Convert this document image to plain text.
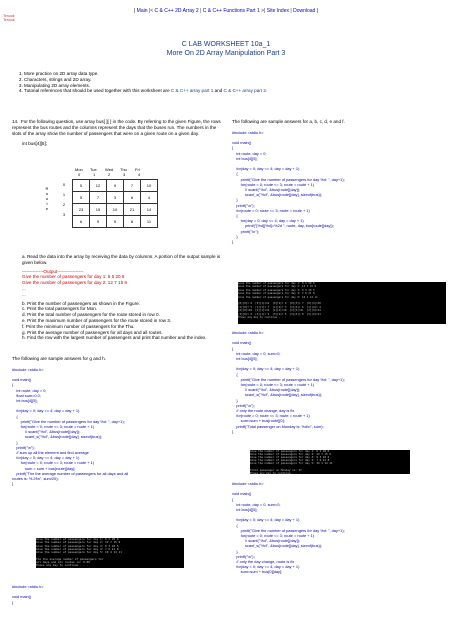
| Main |< C & C++ 2D Array 2 | C & C++ Functions Part 1 >| Site Index | Download |
Tenouk
Tenouk
C LAB WORKSHEET 10a_1
More On 2D Array Manipulation Part 3
1. More practice on 2D array data type.
2. Characters, strings and 2D array.
3. Manipulating 2D array elements.
4. Tutorial references that should be used together with this worksheet are C & C++ array part 1 and C & C++ array part 2.

14. For the following question, use array bus[ ][ ] in the code. By referring to the given Figure, the rows represent the bus routes and the columns represent the days that the buses run. The numbers in the slots of the array show the number of passengers that were on a given route on a given day.

int bus[4][5];

Mon Tue Wed Thu Fri
0	1	2	3	4
R
o
u
t
e
0
1
2
3
5	12	9	7	10
5	7	3	6	4
23	15	10	21	14
6	9	5	8	11

a. Read the data into the array by receiving the data by columns. A portion of the output sample is given below.

--------------Output-----------------

Give the number of passengers for day 1: 6 5 20 6

Give the number of passengers for day 2: 12 7 15 9

...

...

b. Print the number of passengers as shown in the Figure.

c. Print the total passengers for Mon.

d. Print the total number of passengers for the route stored in row 0.

e. Print the maximum number of passengers for the route stored in row 3.

f. Print the minimum number of passengers for the Thu.

g. Print the average number of passengers for all days and all routes.

h. Find the row with the largest number of passengers and print that number and the index.

The following are sample answers for g and h.

#include <stdio.h>

void main()
{
int route, day = 0;
float sum=0.0;
int bus[4][5];

for(day = 0; day <= 4; day = day + 1)
{
printf("Give the number of passengers for day %d: ", day+1);
for(route = 0; route <= 3; route = route + 1)
// scanf("%d", &bus[route][day]);
scanf_s("%d", &bus[route][day], sizeof(bus));
}
printf("\n");
// sum up all the element and find average
for(day = 0; day <= 4; day = day + 1)
for(route = 0; route <= 3; route = route + 1)
sum = sum + bus[route][day];
printf("The the average number of passengers for all days and all
routes is: %.2f\n", sum/20);
}
Give the number of passengers for day 1: 6 5 20 6
Give the number of passengers for day 2: 12 7 15 9
Give the number of passengers for day 3: 9 3 10 5
Give the number of passengers for day 4: 7 6 21 8
Give the number of passengers for day 5: 10 4 14 11

The the average number of passengers for
all days and all routes is: 9.80
Press any key to continue . . .
#include <stdio.h>

void main()
{

The following are sample answers for a, b, c, d, e and f.

#include <stdio.h>

void main()
{
int route, day = 0;
int bus[4][5];

for(day = 0; day <= 4; day = day + 1)
{
printf("Give the number of passengers for day %d: ", day+1);
for(route = 0; route <= 3; route = route + 1)
// scanf("%d", &bus[route][day]);
scanf_s("%d", &bus[route][day], sizeof(bus));
}
printf("\n");
for(route = 0; route <= 3; route = route + 1)
{
for(day = 0; day <= 4; day = day + 1)
printf("[%d][%d]=%2d ", route, day, bus[route][day]);
printf("\n");
}
}
Give the number of passengers for day 1: 6 5 20 6
Give the number of passengers for day 2: 12 7 15 9
Give the number of passengers for day 3: 9 3 10 5
Give the number of passengers for day 4: 7 6 21 8
Give the number of passengers for day 5: 10 4 14 11

[0][0]= 6  [0][1]=12  [0][2]= 9  [0][3]= 7  [0][4]=10
[1][0]= 5  [1][1]= 7  [1][2]= 3  [1][3]= 6  [1][4]= 4
[2][0]=20  [2][1]=15  [2][2]=10  [2][3]=21  [2][4]=14
[3][0]= 6  [3][1]= 9  [3][2]= 5  [3][3]= 8  [3][4]=11
Press any key to continue . . .
#include <stdio.h>

void main()
{
int route, day = 0, sum=0;
int bus[4][5];

for(day = 0; day <= 4; day = day + 1)
{
printf("Give the number of passengers for day %d: ", day+1);
for(route = 0; route <= 3; route = route + 1)
// scanf("%d", &bus[route][day]);
scanf_s("%d", &bus[route][day], sizeof(bus));
}
printf("\n");
// only the route change, day is fix
for(route = 0; route <= 3; route = route + 1)
sum=sum + bus[route][0];
printf("Total passenger on Monday is: %d\n", sum);
}
Give the number of passengers for day 1: 6 5 20 6
Give the number of passengers for day 2: 12 7 15 9
Give the number of passengers for day 3: 9 3 10 5
Give the number of passengers for day 4: 7 6 21 8
Give the number of passengers for day 5: 10 4 14 11

Total passenger on Monday is: 37
Press any key to continue . . .
#include <stdio.h>

void main()
{
int route, day = 0, sum=0;
int bus[4][5];

for(day = 0; day <= 4; day = day + 1)
{
printf("Give the number of passengers for day %d: ", day+1);
for(route = 0; route <= 3; route = route + 1)
// scanf("%d", &bus[route][day]);
scanf_s("%d", &bus[route][day], sizeof(bus));
}
printf("\n");
// only the day change, route is fix
for(day = 0; day <= 4; day = day + 1)
sum=sum + bus[0][day];
